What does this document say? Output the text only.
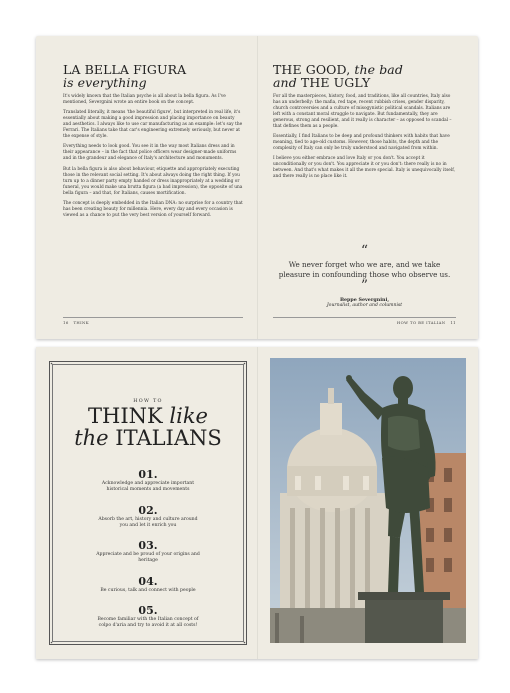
LA BELLA FIGURA
is everything

It's widely known that the Italian psyche is all about la bella figura. As I've mentioned, Severgnini wrote an entire book on the concept.

Translated literally, it means 'the beautiful figure', but interpreted in real life, it's essentially about making a good impression and placing importance on beauty and aesthetics. I always like to use car manufacturing as an example: let's say the Ferrari. The Italians take that car's engineering extremely seriously, but never at the expense of style.

Everything needs to look good. You see it in the way most Italians dress and in their appearance – in the fact that police officers wear designer-made uniforms and in the grandeur and elegance of Italy's architecture and monuments.

But la bella figura is also about behaviour, etiquette and appropriately executing those in the relevant social setting. It's about always doing the right thing. If you turn up to a dinner party empty handed or dress inappropriately at a wedding or funeral, you would make una brutta figura (a bad impression), the opposite of una bella figura – and that, for Italians, causes mortification.

The concept is deeply embedded in the Italian DNA: no surprise for a country that has been creating beauty for millennia. Here, every day and every occasion is viewed as a chance to put the very best version of yourself forward.

16 THINK
THE GOOD, the bad
and THE UGLY

For all the masterpieces, history, food, and traditions, like all countries, Italy also has an underbelly: the mafia, red tape, recent rubbish crises, gender disparity, church controversies and a culture of misogynistic political scandals. Italians are left with a constant moral struggle to navigate. But fundamentally, they are generous, strong and resilient, and it really is character – as opposed to scandal – that defines them as a people.

Essentially, I find Italians to be deep and profound thinkers with habits that have meaning, tied to age-old customs. However, those habits, the depth and the complexity of Italy can only be truly understood and navigated from within.

I believe you either embrace and love Italy or you don't. You accept it unconditionally or you don't. You appreciate it or you don't: there really is no in between. And that's what makes it all the more special. Italy is unequivocally itself, and there really is no place like it.

“
We never forget who we are, and we take pleasure in confounding those who observe us.
”
Beppe Severgnini,
Journalist, author and columnist
HOW TO BE ITALIAN 11
HOW TO
THINK like
the ITALIANS
01.
Acknowledge and appreciate important historical moments and movements
02.
Absorb the art, history and culture around you and let it enrich you
03.
Appreciate and be proud of your origins and heritage
04.
Be curious, talk and connect with people
05.
Become familiar with the Italian concept of colpo d'aria and try to avoid it at all costs!
